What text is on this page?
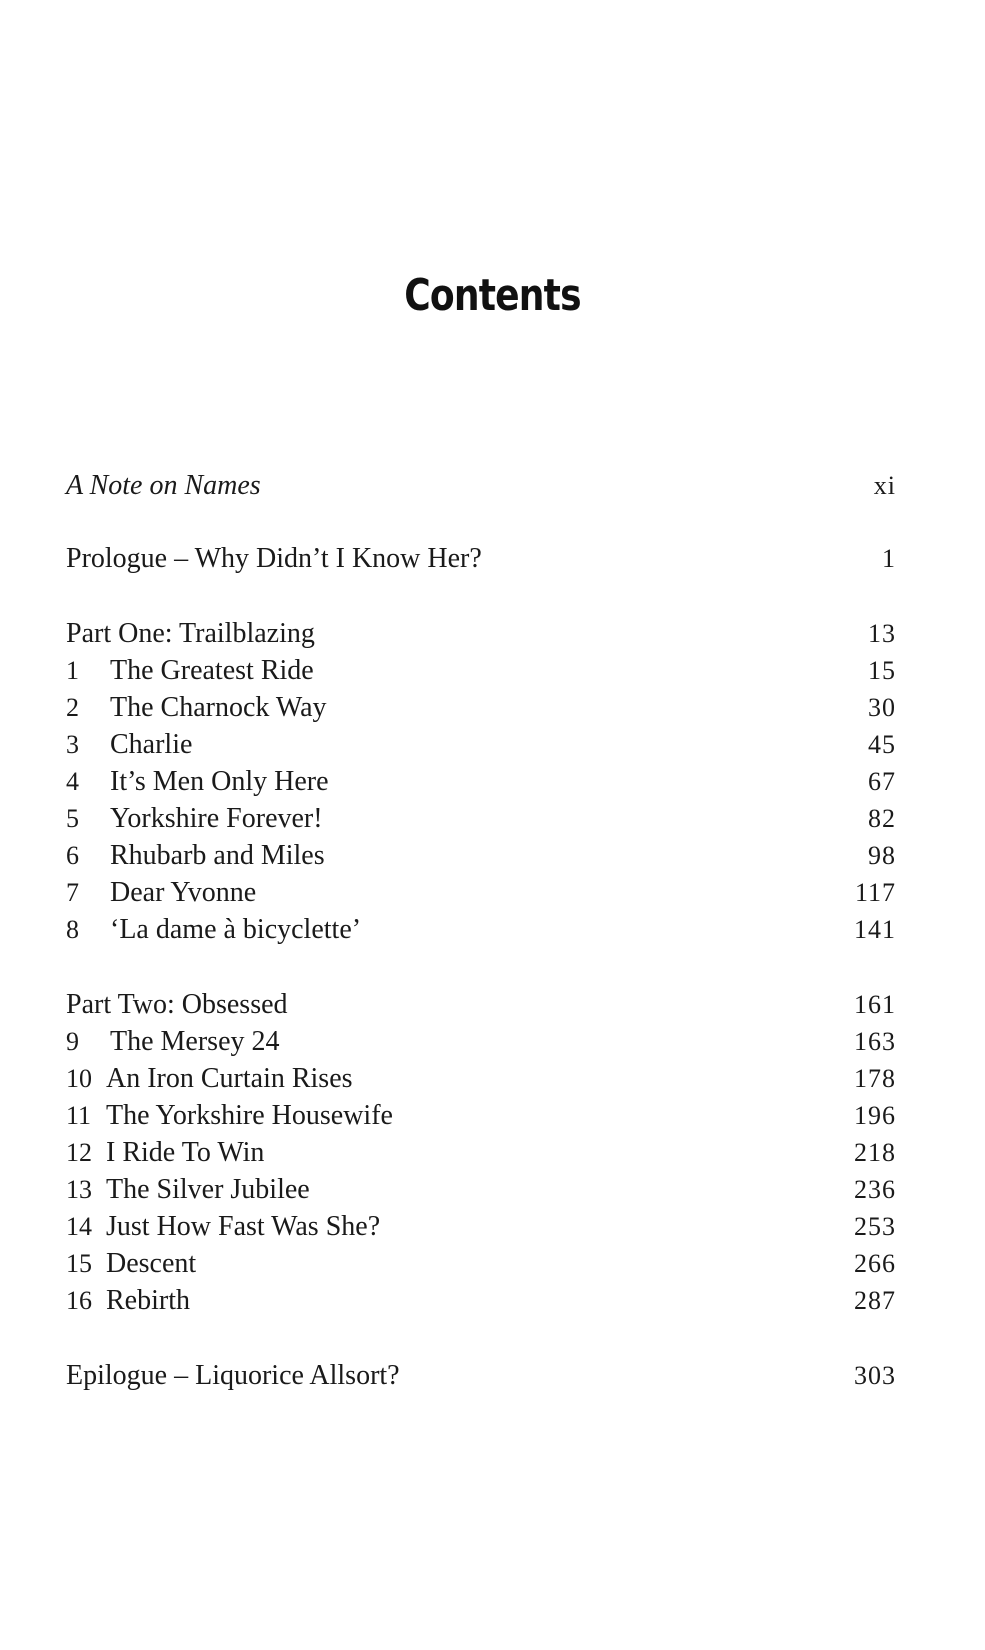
Contents
A Note on Names	xi
Prologue – Why Didn’t I Know Her?	1
Part One: Trailblazing	13
1	The Greatest Ride	15
2	The Charnock Way	30
3	Charlie	45
4	It’s Men Only Here	67
5	Yorkshire Forever!	82
6	Rhubarb and Miles	98
7	Dear Yvonne	117
8	‘La dame à bicyclette’	141
Part Two: Obsessed	161
9	The Mersey 24	163
10 An Iron Curtain Rises	178
11 The Yorkshire Housewife	196
12 I Ride To Win	218
13 The Silver Jubilee	236
14 Just How Fast Was She?	253
15 Descent	266
16 Rebirth	287
Epilogue – Liquorice Allsort?	303
